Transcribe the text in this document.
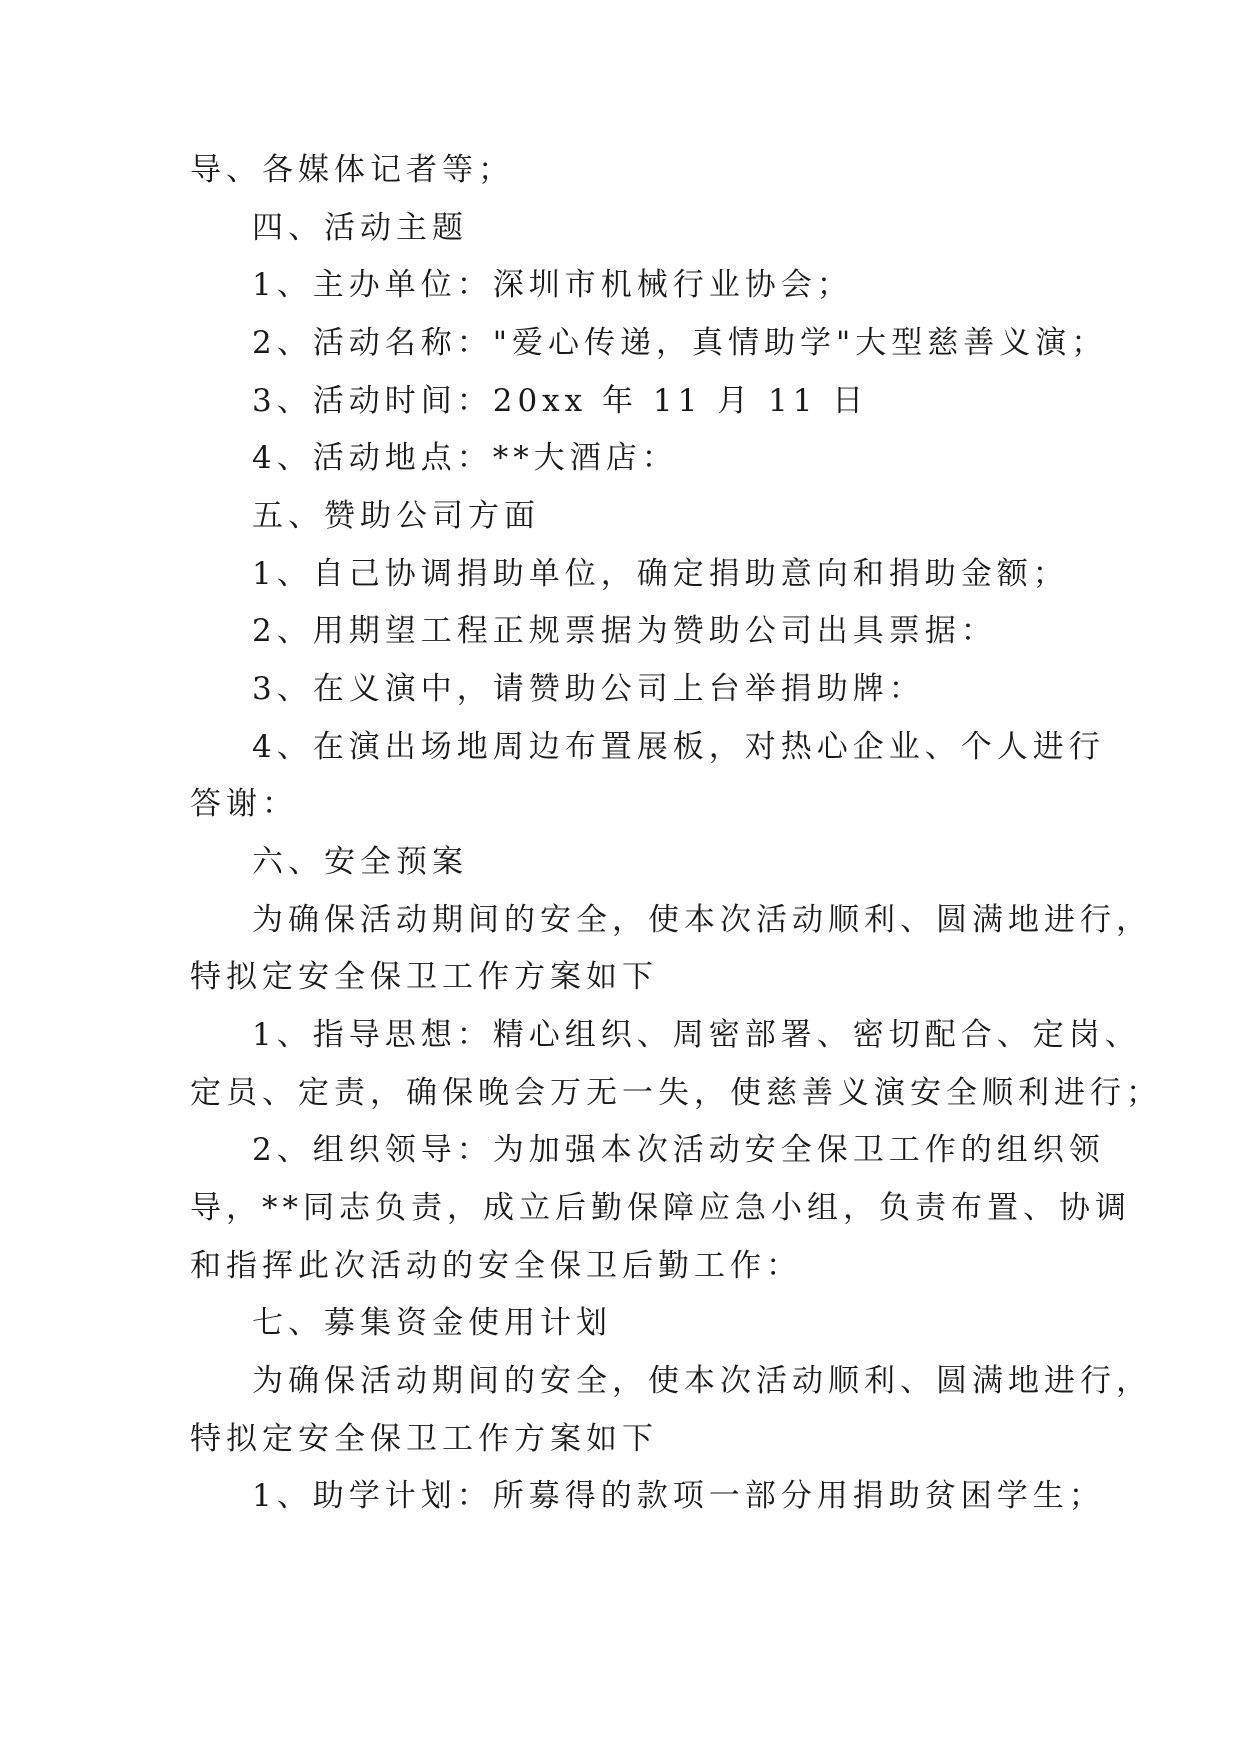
导、各媒体记者等；
四、活动主题
1、主办单位：深圳市机械行业协会；
2、活动名称："爱心传递，真情助学"大型慈善义演；
3、活动时间：20xx 年 11 月 11 日
4、活动地点：**大酒店：
五、赞助公司方面
1、自己协调捐助单位，确定捐助意向和捐助金额；
2、用期望工程正规票据为赞助公司出具票据：
3、在义演中，请赞助公司上台举捐助牌：
4、在演出场地周边布置展板，对热心企业、个人进行
答谢：
六、安全预案
为确保活动期间的安全，使本次活动顺利、圆满地进行，
特拟定安全保卫工作方案如下
1、指导思想：精心组织、周密部署、密切配合、定岗、
定员、定责，确保晚会万无一失，使慈善义演安全顺利进行；
2、组织领导：为加强本次活动安全保卫工作的组织领
导，**同志负责，成立后勤保障应急小组，负责布置、协调
和指挥此次活动的安全保卫后勤工作：
七、募集资金使用计划
为确保活动期间的安全，使本次活动顺利、圆满地进行，
特拟定安全保卫工作方案如下
1、助学计划：所募得的款项一部分用捐助贫困学生；
